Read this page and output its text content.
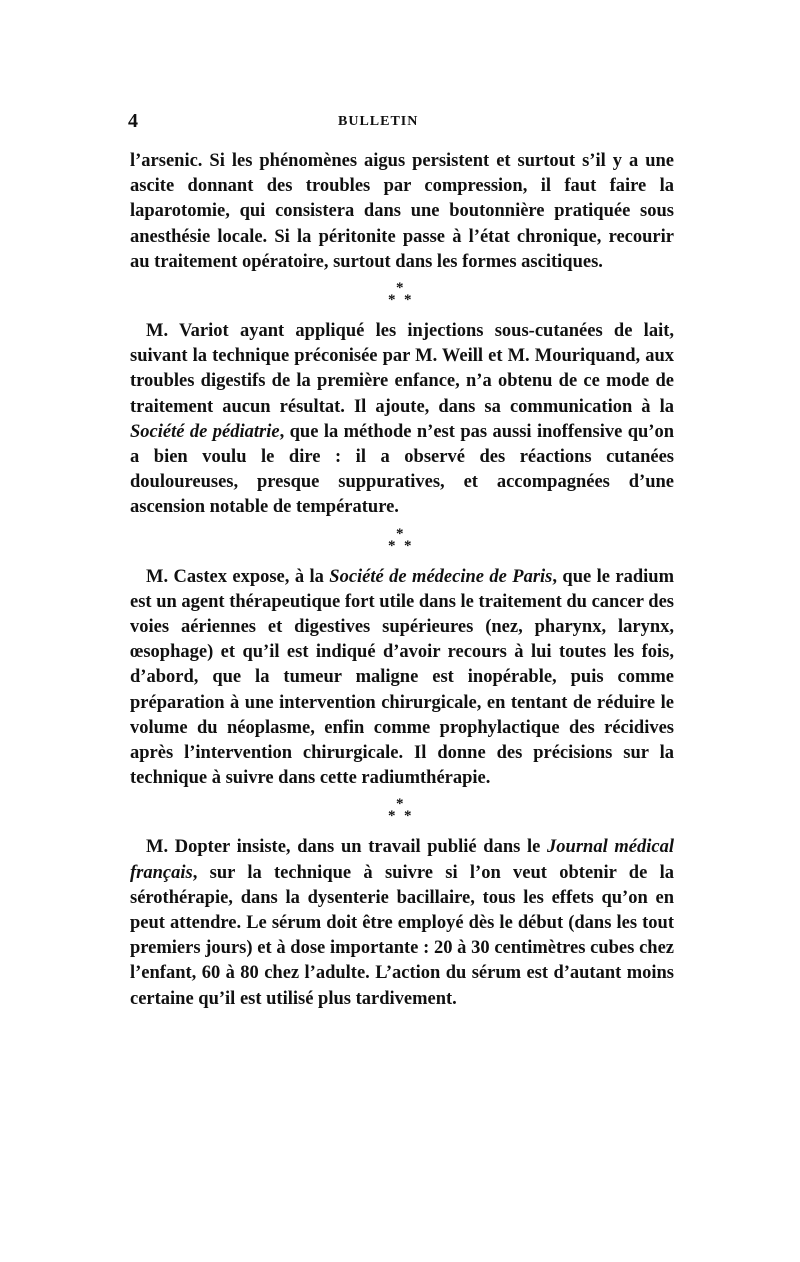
4	BULLETIN

l’arsenic. Si les phénomènes aigus persistent et surtout s’il y a une ascite donnant des troubles par compression, il faut faire la laparotomie, qui consistera dans une boutonnière pratiquée sous anesthésie locale. Si la péritonite passe à l’état chronique, recourir au traitement opératoire, surtout dans les formes ascitiques.

*
* *

M. Variot ayant appliqué les injections sous-cutanées de lait, suivant la technique préconisée par M. Weill et M. Mouriquand, aux troubles digestifs de la première enfance, n’a obtenu de ce mode de traitement aucun résultat. Il ajoute, dans sa communication à la Société de pédiatrie, que la méthode n’est pas aussi inoffensive qu’on a bien voulu le dire : il a observé des réactions cutanées douloureuses, presque suppuratives, et accompagnées d’une ascension notable de température.

*
* *

M. Castex expose, à la Société de médecine de Paris, que le radium est un agent thérapeutique fort utile dans le traitement du cancer des voies aériennes et digestives supérieures (nez, pharynx, larynx, œsophage) et qu’il est indiqué d’avoir recours à lui toutes les fois, d’abord, que la tumeur maligne est inopérable, puis comme préparation à une intervention chirurgicale, en tentant de réduire le volume du néoplasme, enfin comme prophylactique des récidives après l’intervention chirurgicale. Il donne des précisions sur la technique à suivre dans cette radiumthérapie.

*
* *

M. Dopter insiste, dans un travail publié dans le Journal médical français, sur la technique à suivre si l’on veut obtenir de la sérothérapie, dans la dysenterie bacillaire, tous les effets qu’on en peut attendre. Le sérum doit être employé dès le début (dans les tout premiers jours) et à dose importante : 20 à 30 centimètres cubes chez l’enfant, 60 à 80 chez l’adulte. L’action du sérum est d’autant moins certaine qu’il est utilisé plus tardivement.
